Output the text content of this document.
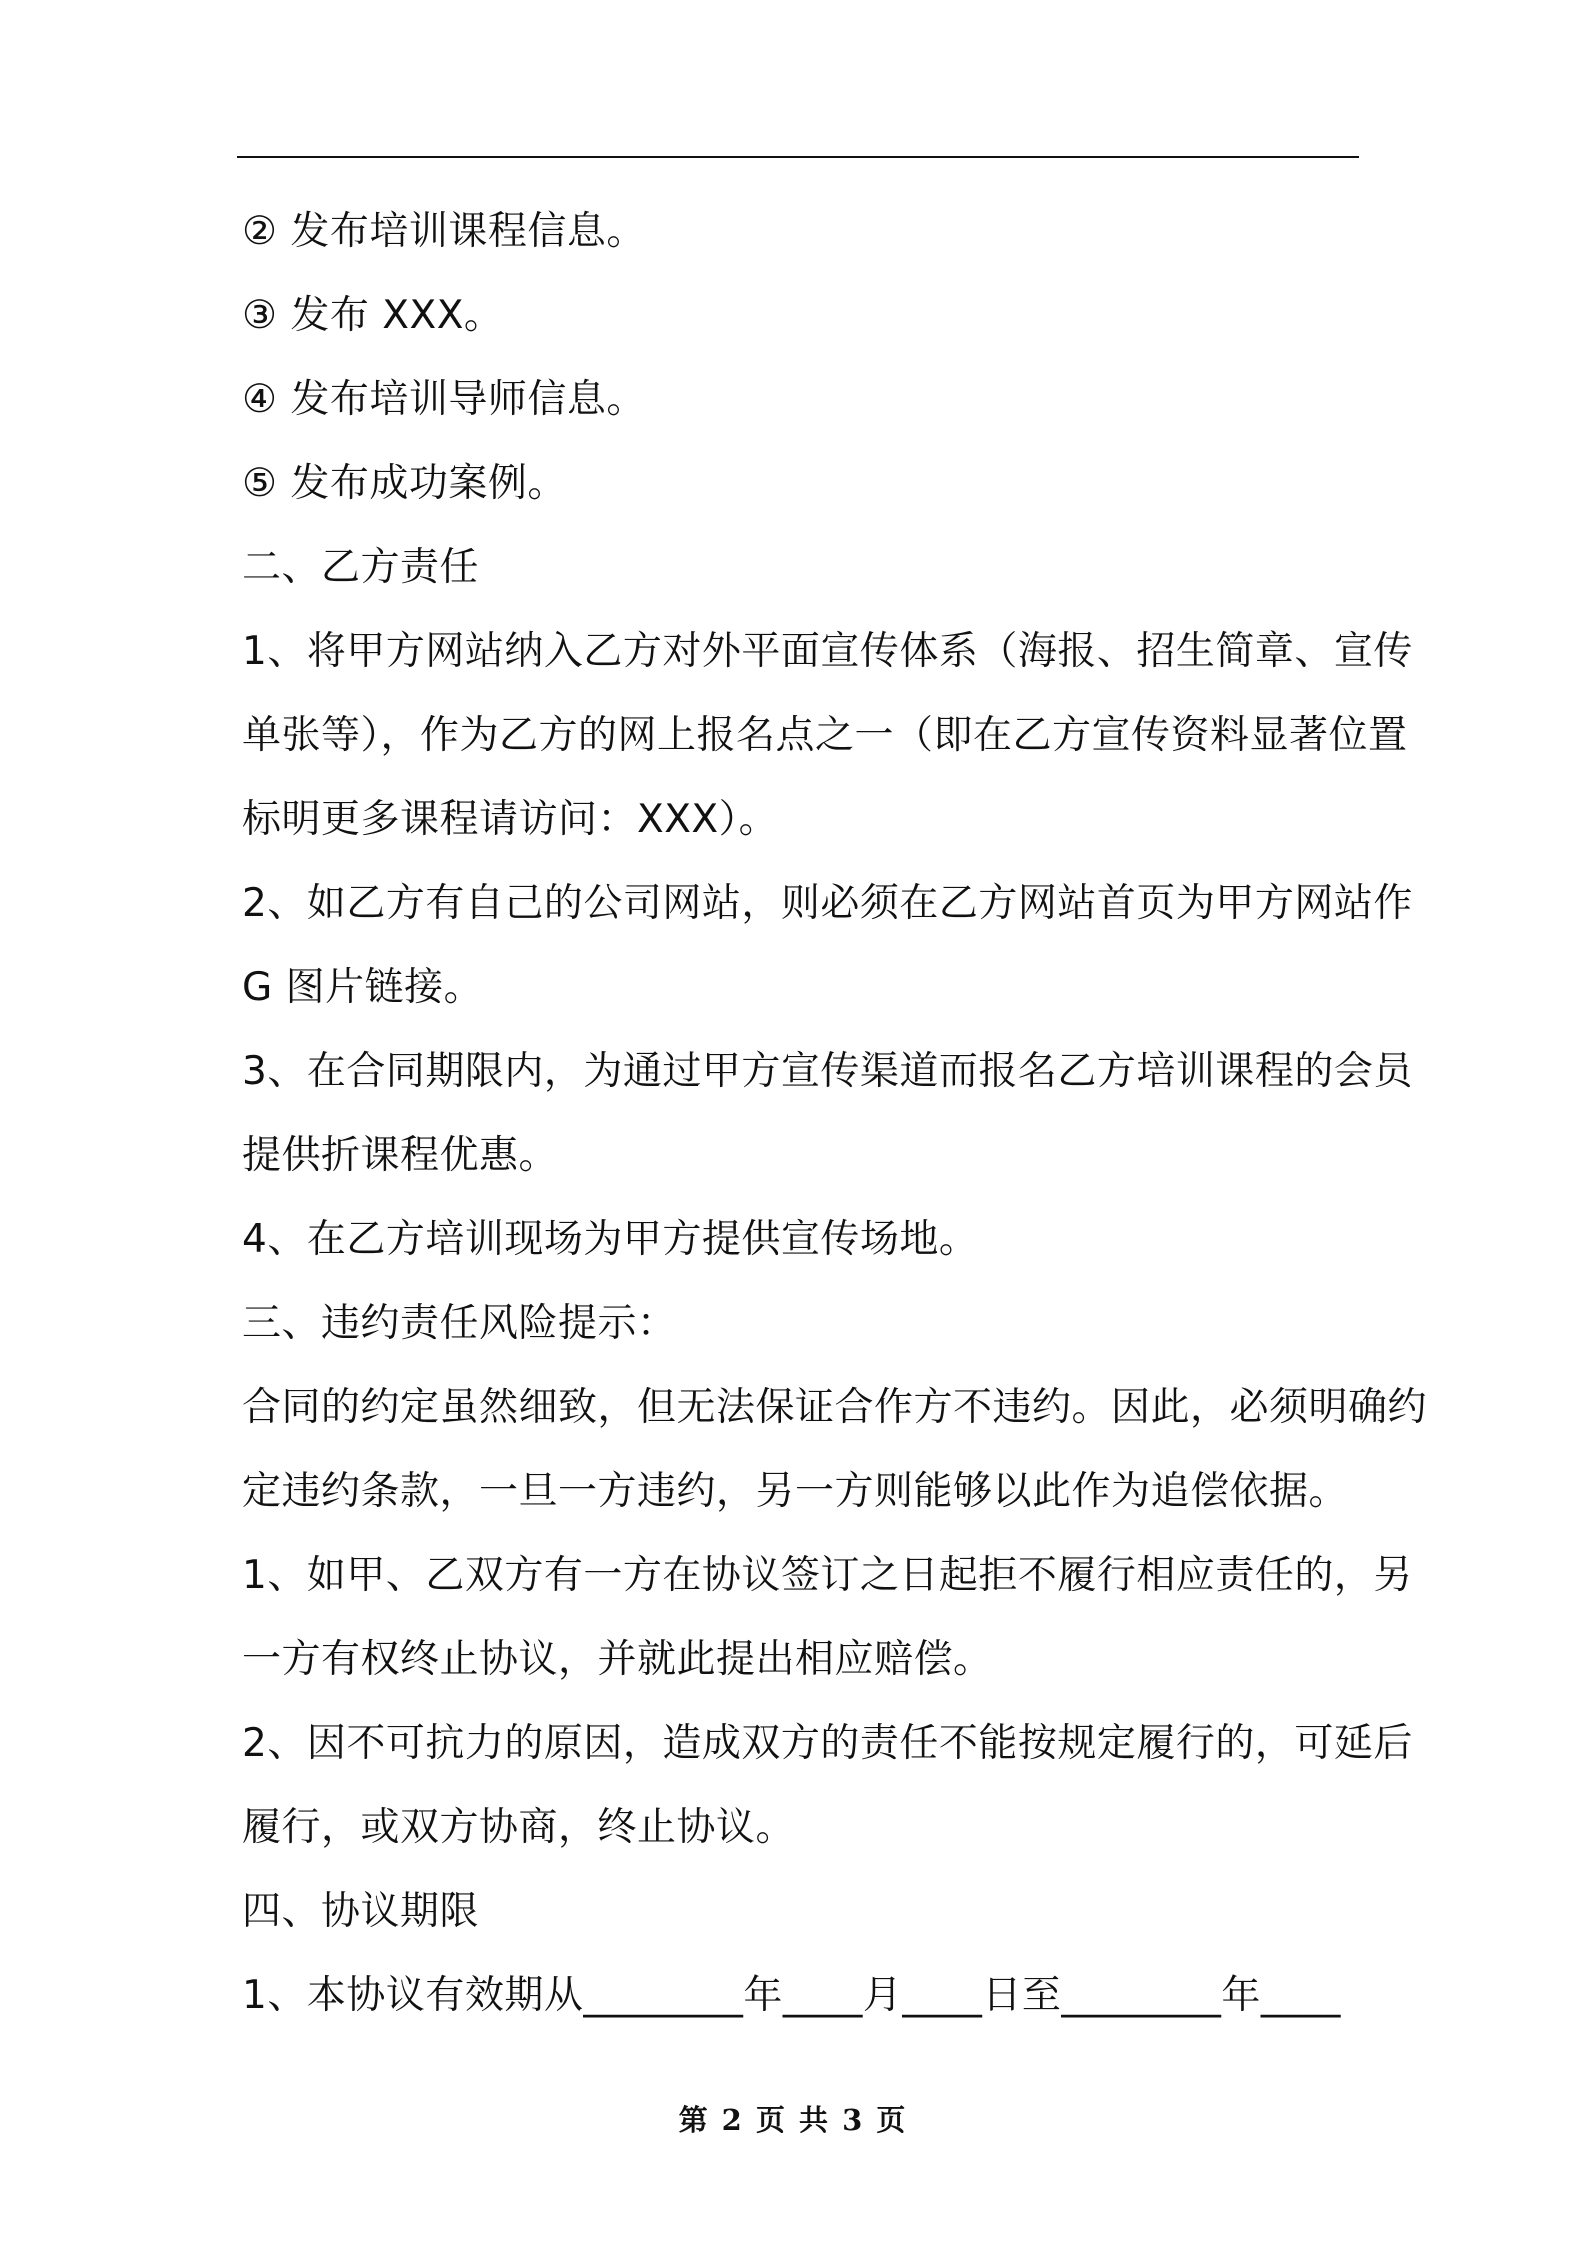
② 发布培训课程信息。
③ 发布 XXX。
④ 发布培训导师信息。
⑤ 发布成功案例。
二、乙方责任
1、将甲方网站纳入乙方对外平面宣传体系（海报、招生简章、宣传
单张等），作为乙方的网上报名点之一（即在乙方宣传资料显著位置
标明更多课程请访问：XXX）。
2、如乙方有自己的公司网站，则必须在乙方网站首页为甲方网站作
G 图片链接。
3、在合同期限内，为通过甲方宣传渠道而报名乙方培训课程的会员
提供折课程优惠。
4、在乙方培训现场为甲方提供宣传场地。
三、违约责任风险提示：
合同的约定虽然细致，但无法保证合作方不违约。因此，必须明确约
定违约条款，一旦一方违约，另一方则能够以此作为追偿依据。
1、如甲、乙双方有一方在协议签订之日起拒不履行相应责任的，另
一方有权终止协议，并就此提出相应赔偿。
2、因不可抗力的原因，造成双方的责任不能按规定履行的，可延后
履行，或双方协商，终止协议。
四、协议期限
1、本协议有效期从________年____月____日至________年____
第 2 页 共 3 页
